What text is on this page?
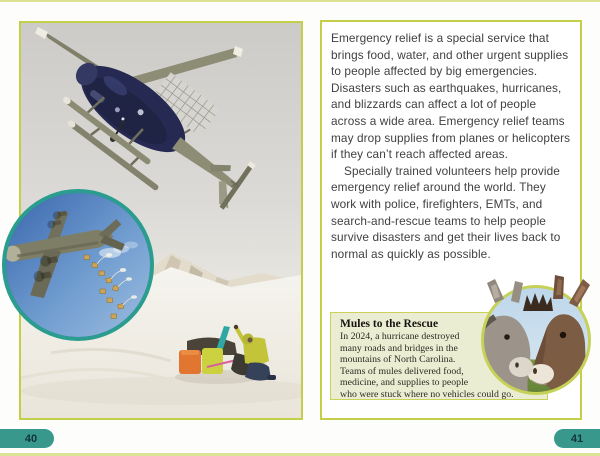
Emergency relief is a special service that brings food, water, and other urgent supplies to people affected by big emergencies. Disasters such as earthquakes, hurricanes, and blizzards can affect a lot of people across a wide area. Emergency relief teams may drop supplies from planes or helicopters if they can’t reach affected areas.

Specially trained volunteers help provide emergency relief around the world. They work with police, firefighters, EMTs, and search-and-rescue teams to help people survive disasters and get their lives back to normal as quickly as possible.

Mules to the Rescue

In 2024, a hurricane destroyed many roads and bridges in the mountains of North Carolina. Teams of mules delivered food, medicine, and supplies to people who were stuck where no vehicles could go.

40	41
